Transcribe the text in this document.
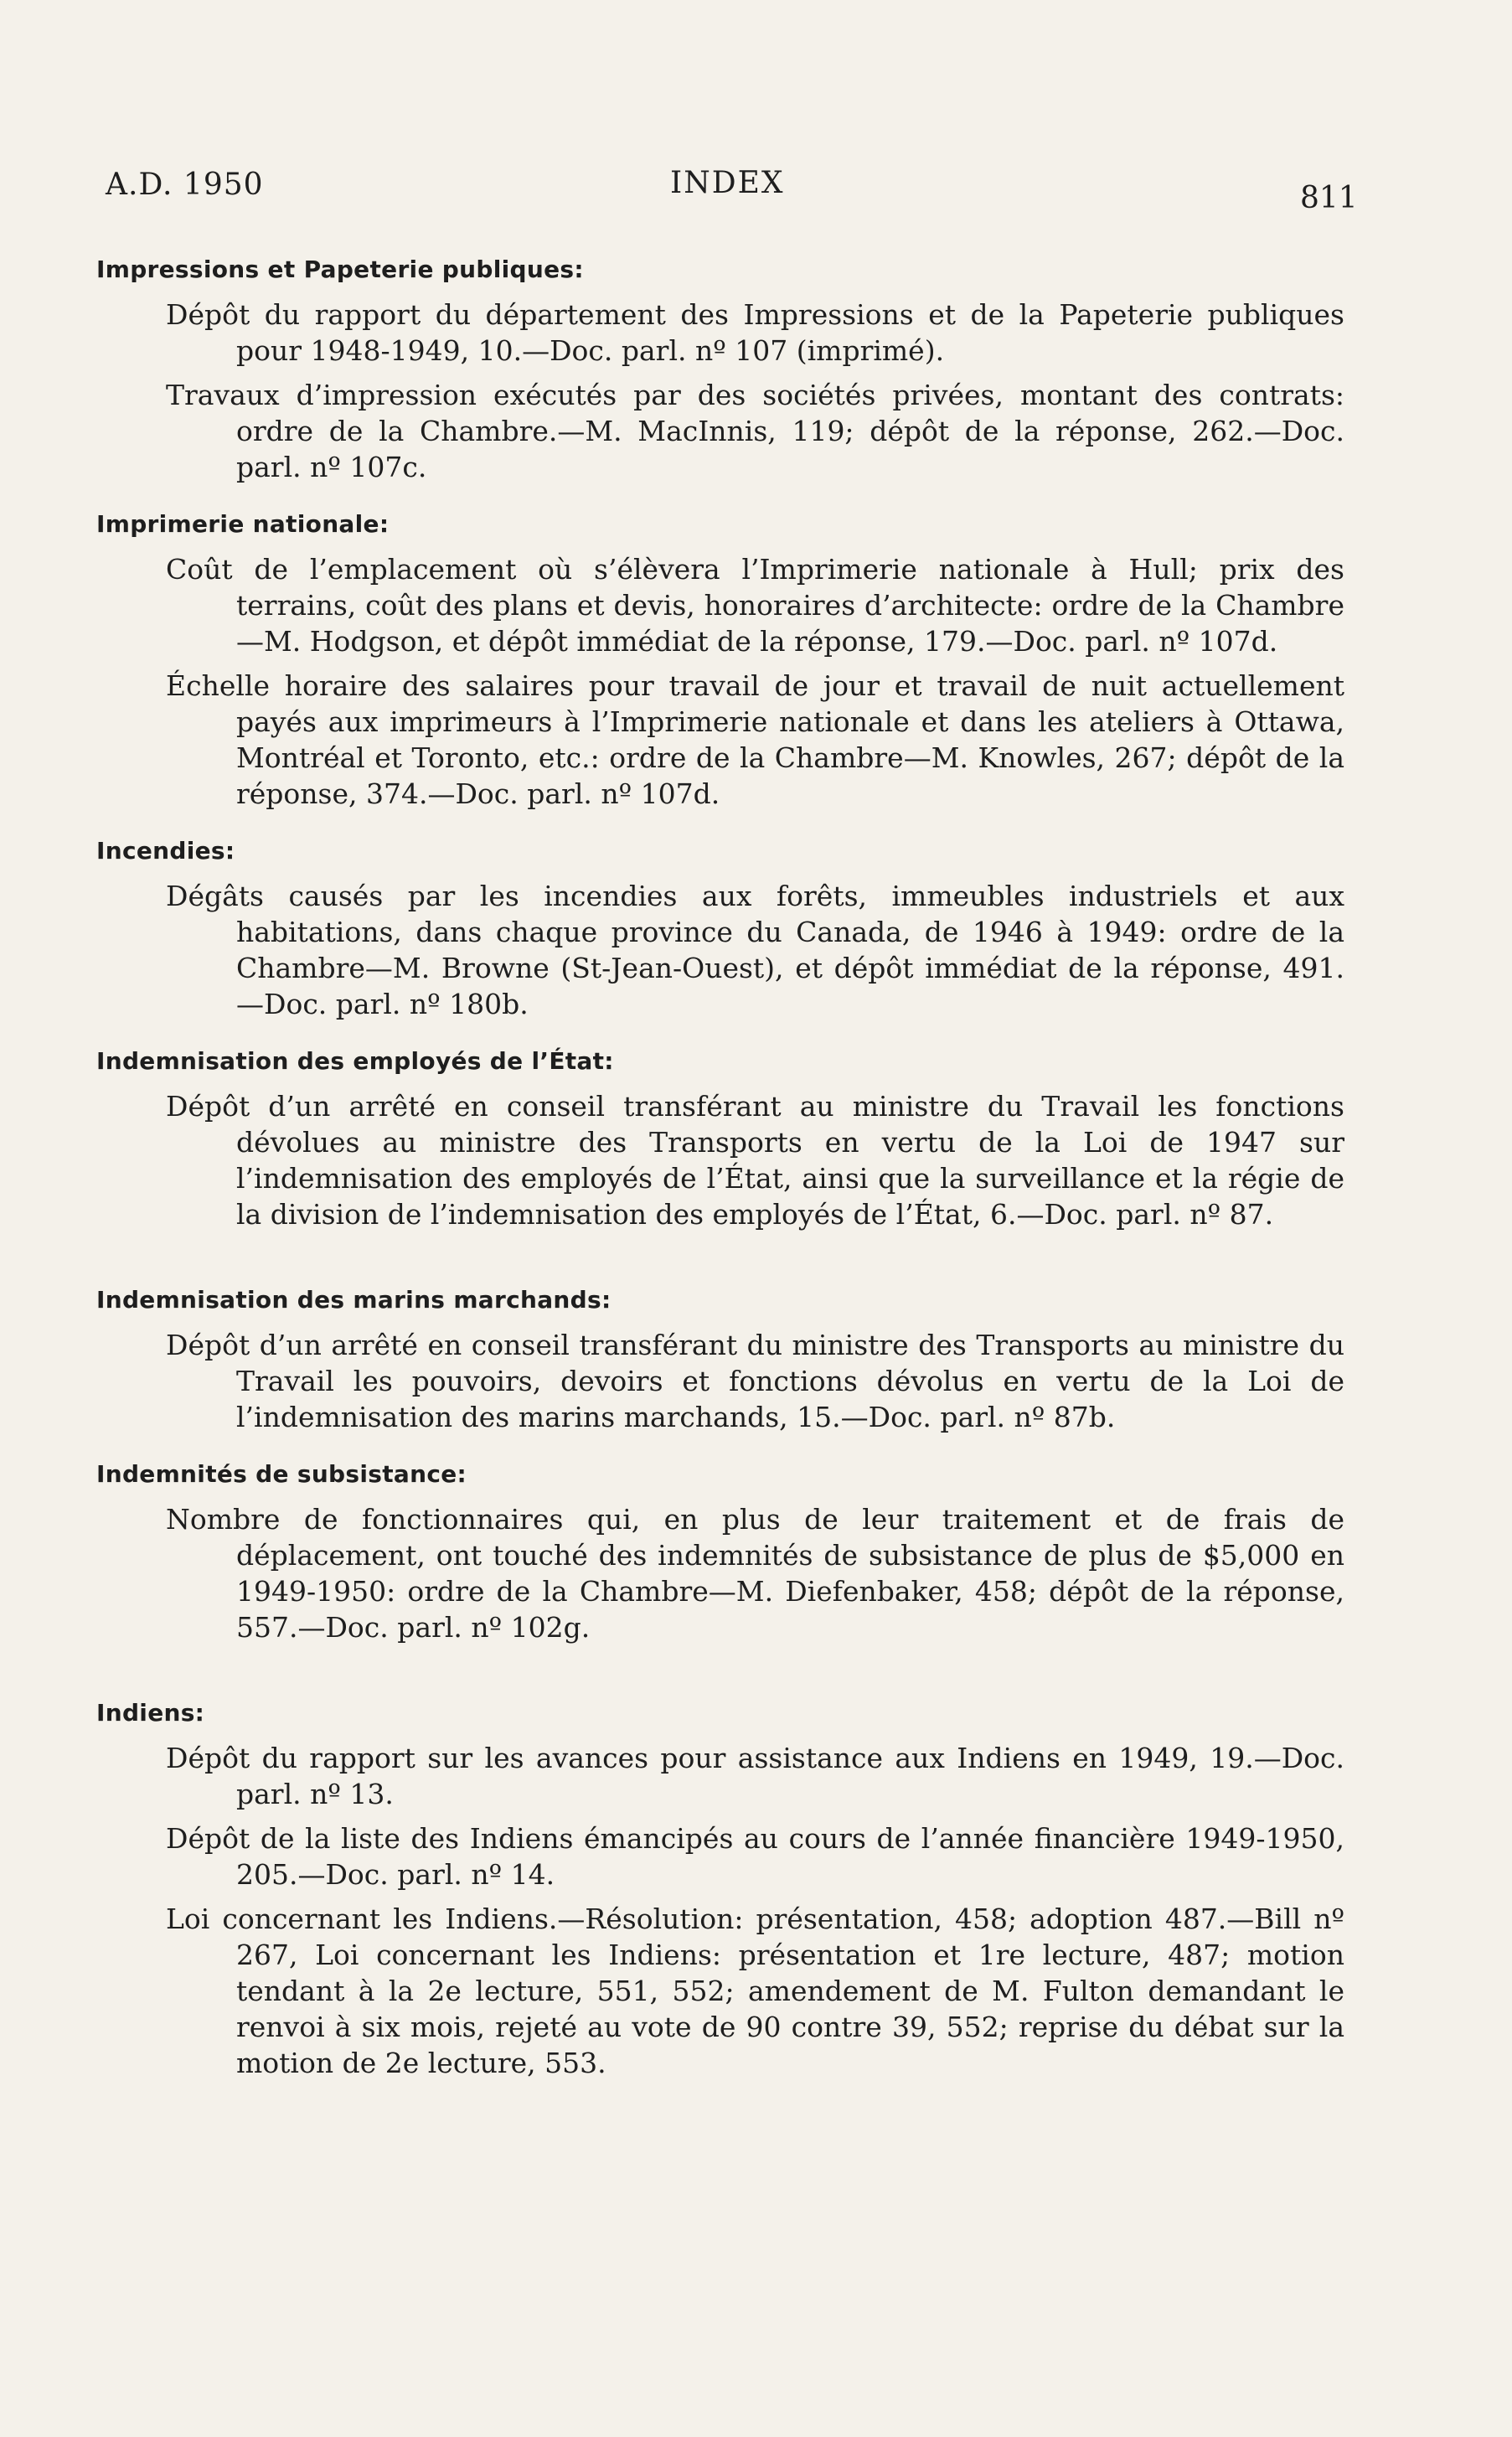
A.D. 1950	INDEX	811
Impressions et Papeterie publiques:

Dépôt du rapport du département des Impressions et de la Papeterie publiques pour 1948-1949, 10.—Doc. parl. nº 107 (imprimé).

Travaux d’impression exécutés par des sociétés privées, montant des contrats: ordre de la Chambre.—M. MacInnis, 119; dépôt de la réponse, 262.—Doc. parl. nº 107c.

Imprimerie nationale:

Coût de l’emplacement où s’élèvera l’Imprimerie nationale à Hull; prix des terrains, coût des plans et devis, honoraires d’architecte: ordre de la Chambre—M. Hodgson, et dépôt immédiat de la réponse, 179.—Doc. parl. nº 107d.

Échelle horaire des salaires pour travail de jour et travail de nuit actuellement payés aux imprimeurs à l’Imprimerie nationale et dans les ateliers à Ottawa, Montréal et Toronto, etc.: ordre de la Chambre—M. Knowles, 267; dépôt de la réponse, 374.—Doc. parl. nº 107d.

Incendies:

Dégâts causés par les incendies aux forêts, immeubles industriels et aux habitations, dans chaque province du Canada, de 1946 à 1949: ordre de la Chambre—M. Browne (St-Jean-Ouest), et dépôt immédiat de la réponse, 491.—Doc. parl. nº 180b.

Indemnisation des employés de l’État:

Dépôt d’un arrêté en conseil transférant au ministre du Travail les fonctions dévolues au ministre des Transports en vertu de la Loi de 1947 sur l’indemnisation des employés de l’État, ainsi que la surveillance et la régie de la division de l’indemnisation des employés de l’État, 6.—Doc. parl. nº 87.

Indemnisation des marins marchands:

Dépôt d’un arrêté en conseil transférant du ministre des Transports au ministre du Travail les pouvoirs, devoirs et fonctions dévolus en vertu de la Loi de l’indemnisation des marins marchands, 15.—Doc. parl. nº 87b.

Indemnités de subsistance:

Nombre de fonctionnaires qui, en plus de leur traitement et de frais de déplacement, ont touché des indemnités de subsistance de plus de $5,000 en 1949-1950: ordre de la Chambre—M. Diefenbaker, 458; dépôt de la réponse, 557.—Doc. parl. nº 102g.

Indiens:

Dépôt du rapport sur les avances pour assistance aux Indiens en 1949, 19.—Doc. parl. nº 13.

Dépôt de la liste des Indiens émancipés au cours de l’année financière 1949-1950, 205.—Doc. parl. nº 14.

Loi concernant les Indiens.—Résolution: présentation, 458; adoption 487.—Bill nº 267, Loi concernant les Indiens: présentation et 1re lecture, 487; motion tendant à la 2e lecture, 551, 552; amendement de M. Fulton demandant le renvoi à six mois, rejeté au vote de 90 contre 39, 552; reprise du débat sur la motion de 2e lecture, 553.
